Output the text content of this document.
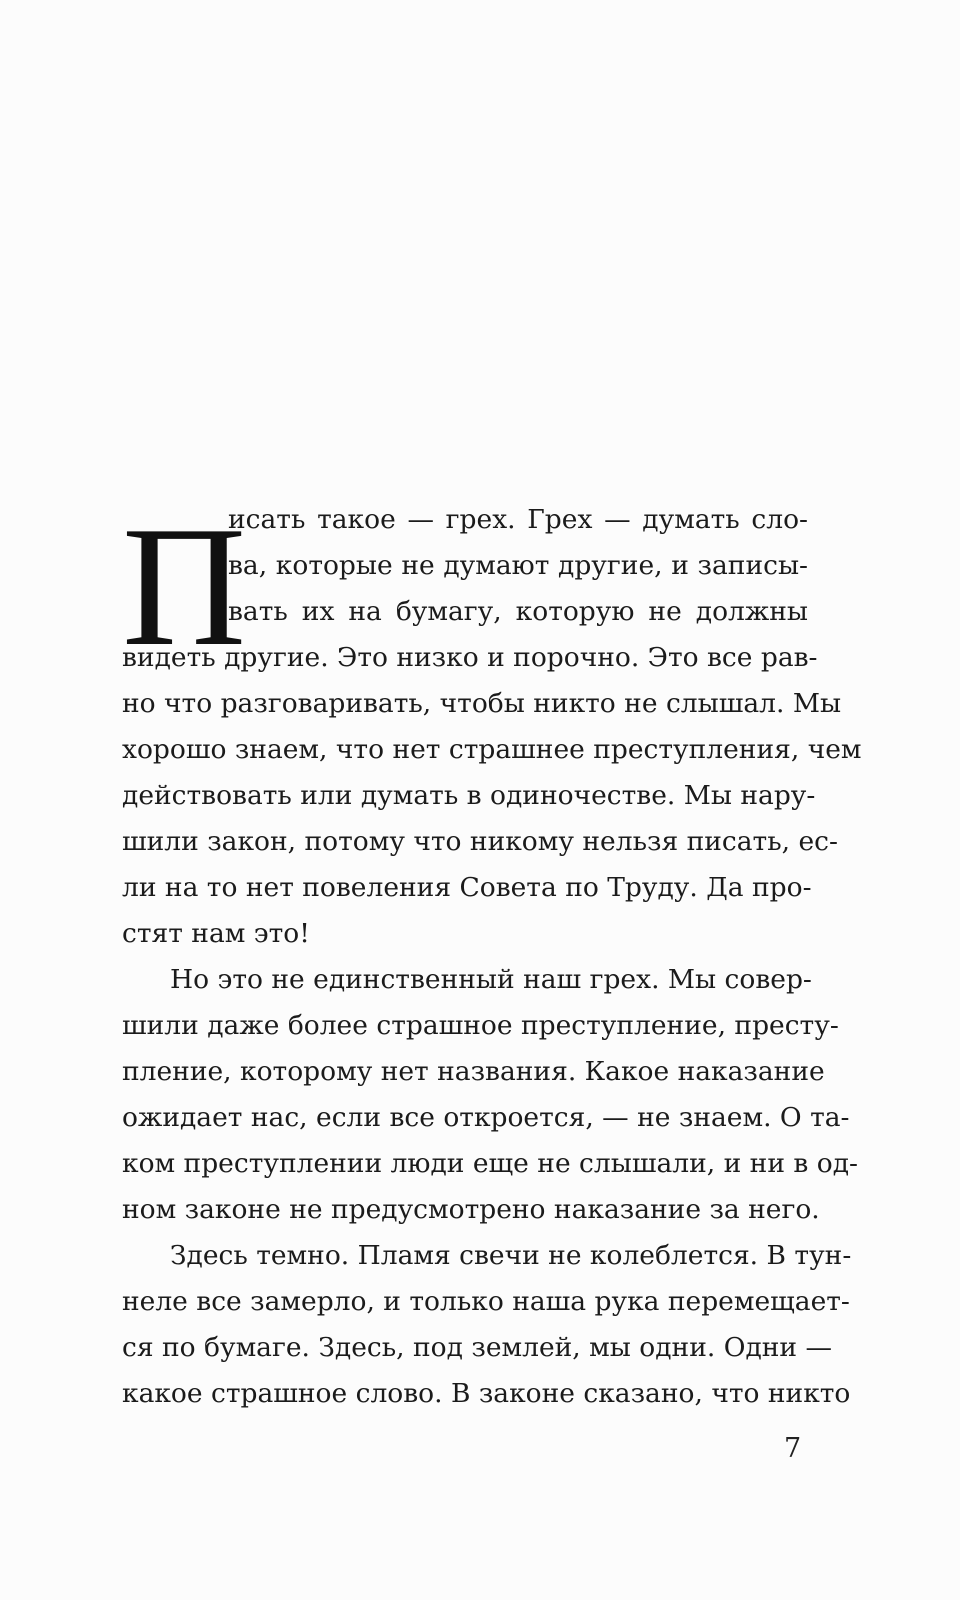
П
исать такое — грех. Грех — думать сло-
ва, которые не думают другие, и записы-
вать их на бумагу, которую не должны
видеть другие. Это низко и порочно. Это все рав-
но что разговаривать, чтобы никто не слышал. Мы
хорошо знаем, что нет страшнее преступления, чем
действовать или думать в одиночестве. Мы нару-
шили закон, потому что никому нельзя писать, ес-
ли на то нет повеления Совета по Труду. Да про-
стят нам это!
Но это не единственный наш грех. Мы совер-
шили даже более страшное преступление, престу-
пление, которому нет названия. Какое наказание
ожидает нас, если все откроется, — не знаем. О та-
ком преступлении люди еще не слышали, и ни в од-
ном законе не предусмотрено наказание за него.
Здесь темно. Пламя свечи не колеблется. В тун-
неле все замерло, и только наша рука перемещает-
ся по бумаге. Здесь, под землей, мы одни. Одни —
какое страшное слово. В законе сказано, что никто
7
